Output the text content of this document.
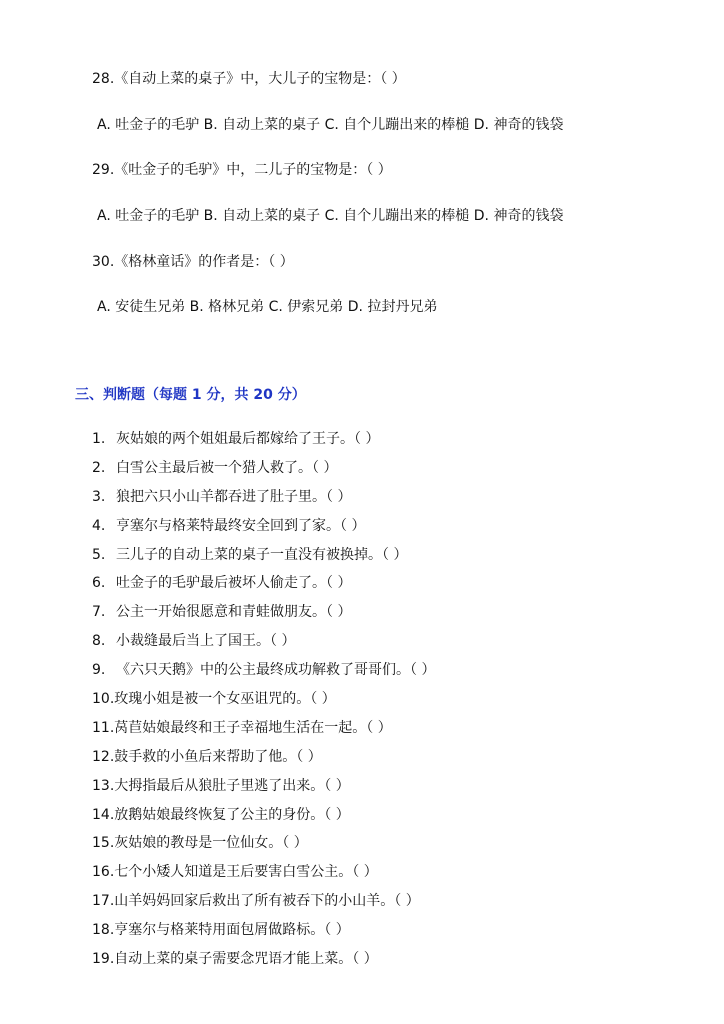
28.《自动上菜的桌子》中，大儿子的宝物是：（ ）
A. 吐金子的毛驴 B. 自动上菜的桌子 C. 自个儿蹦出来的棒槌 D. 神奇的钱袋
29.《吐金子的毛驴》中，二儿子的宝物是：（ ）
A. 吐金子的毛驴 B. 自动上菜的桌子 C. 自个儿蹦出来的棒槌 D. 神奇的钱袋
30.《格林童话》的作者是：（ ）
A. 安徒生兄弟 B. 格林兄弟 C. 伊索兄弟 D. 拉封丹兄弟
三、判断题（每题 1 分，共 20 分）
1. 灰姑娘的两个姐姐最后都嫁给了王子。（ ）
2. 白雪公主最后被一个猎人救了。（ ）
3. 狼把六只小山羊都吞进了肚子里。（ ）
4. 亨塞尔与格莱特最终安全回到了家。（ ）
5. 三儿子的自动上菜的桌子一直没有被换掉。（ ）
6. 吐金子的毛驴最后被坏人偷走了。（ ）
7. 公主一开始很愿意和青蛙做朋友。（ ）
8. 小裁缝最后当上了国王。（ ）
9. 《六只天鹅》中的公主最终成功解救了哥哥们。（ ）
10. 玫瑰小姐是被一个女巫诅咒的。（ ）
11. 莴苣姑娘最终和王子幸福地生活在一起。（ ）
12. 鼓手救的小鱼后来帮助了他。（ ）
13. 大拇指最后从狼肚子里逃了出来。（ ）
14. 放鹅姑娘最终恢复了公主的身份。（ ）
15. 灰姑娘的教母是一位仙女。（ ）
16. 七个小矮人知道是王后要害白雪公主。（ ）
17. 山羊妈妈回家后救出了所有被吞下的小山羊。（ ）
18. 亨塞尔与格莱特用面包屑做路标。（ ）
19. 自动上菜的桌子需要念咒语才能上菜。（ ）
